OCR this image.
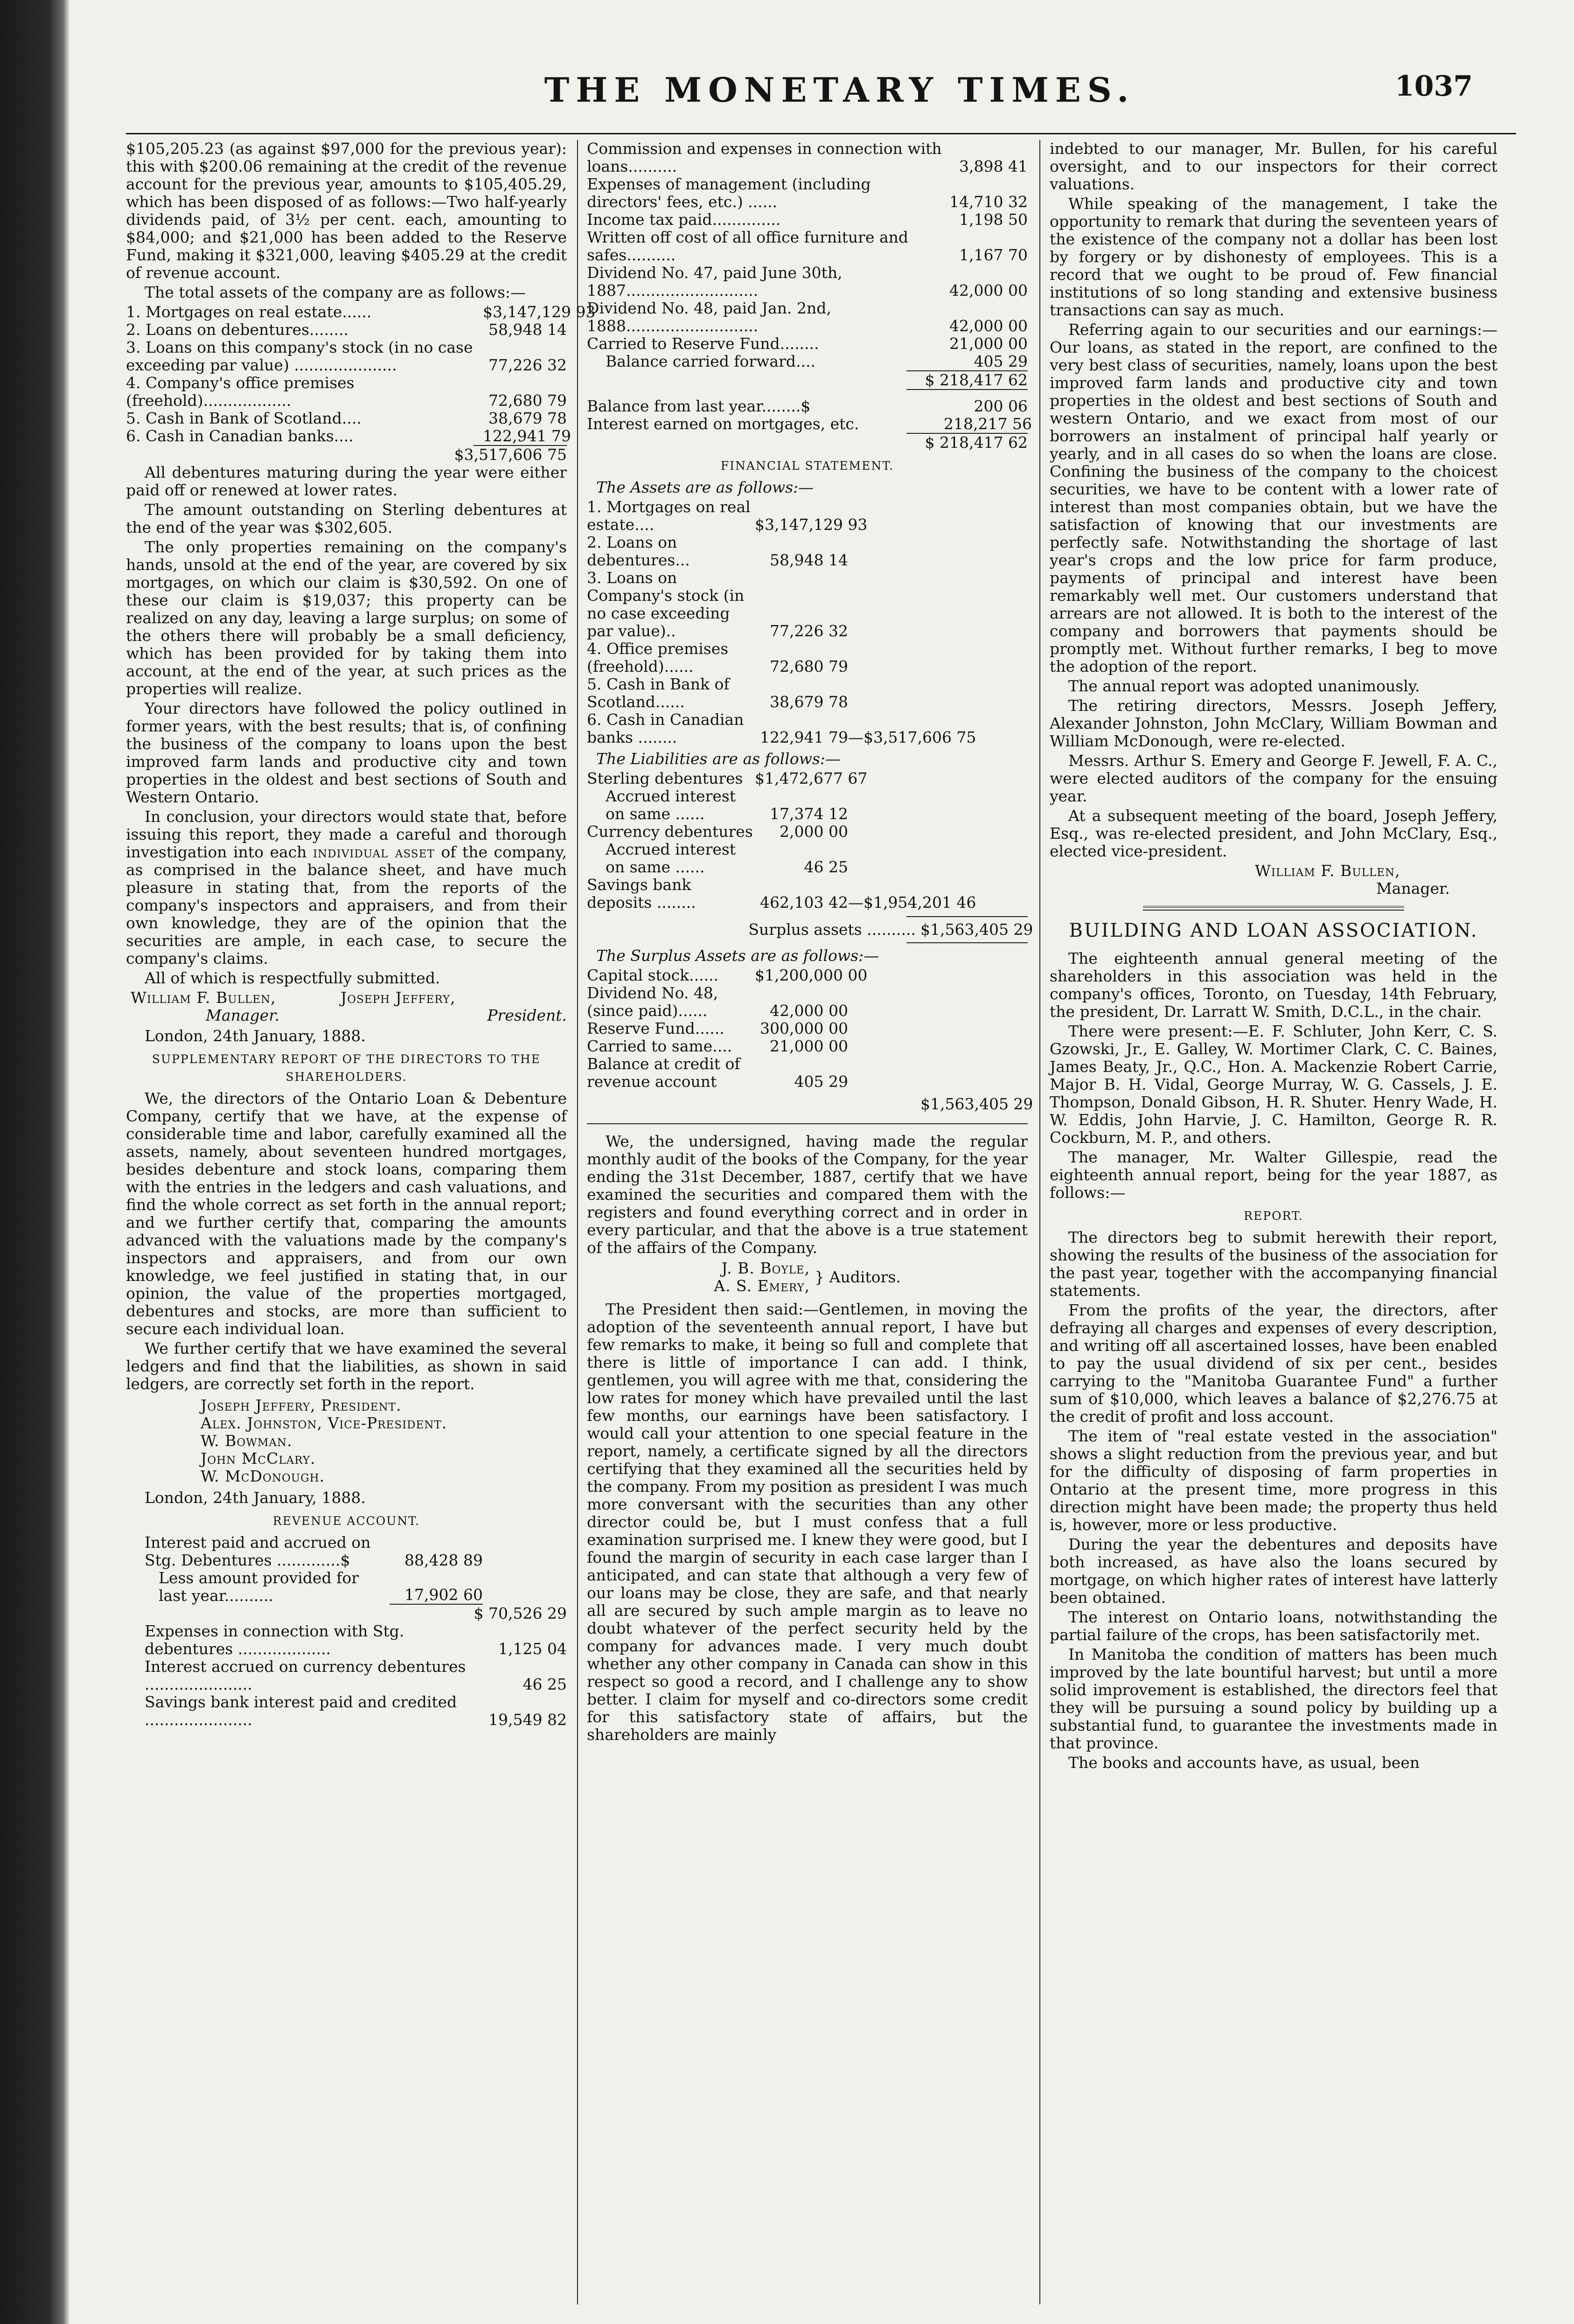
THE MONETARY TIMES.	1037

$105,205.23 (as against $97,000 for the previous year): this with $200.06 remaining at the credit of the revenue account for the previous year, amounts to $105,405.29, which has been disposed of as follows:—Two half-yearly dividends paid, of 3½ per cent. each, amounting to $84,000; and $21,000 has been added to the Reserve Fund, making it $321,000, leaving $405.29 at the credit of revenue account.

The total assets of the company are as follows:—

1. Mortgages on real estate......	$3,147,129 93
2. Loans on debentures........	58,948 14
3. Loans on this company's stock (in no case exceeding par value) .....................	77,226 32
4. Company's office premises (freehold)..................	72,680 79
5. Cash in Bank of Scotland....	38,679 78
6. Cash in Canadian banks....	122,941 79
$3,517,606 75

All debentures maturing during the year were either paid off or renewed at lower rates.

The amount outstanding on Sterling debentures at the end of the year was $302,605.

The only properties remaining on the company's hands, unsold at the end of the year, are covered by six mortgages, on which our claim is $30,592. On one of these our claim is $19,037; this property can be realized on any day, leaving a large surplus; on some of the others there will probably be a small deficiency, which has been provided for by taking them into account, at the end of the year, at such prices as the properties will realize.

Your directors have followed the policy outlined in former years, with the best results; that is, of confining the business of the company to loans upon the best improved farm lands and productive city and town properties in the oldest and best sections of South and Western Ontario.

In conclusion, your directors would state that, before issuing this report, they made a careful and thorough investigation into each individual asset of the company, as comprised in the balance sheet, and have much pleasure in stating that, from the reports of the company's inspectors and appraisers, and from their own knowledge, they are of the opinion that the securities are ample, in each case, to secure the company's claims.

All of which is respectfully submitted.

William F. Bullen,	Joseph Jeffery,
Manager.	President.

London, 24th January, 1888.

SUPPLEMENTARY REPORT OF THE DIRECTORS TO THE SHAREHOLDERS.

We, the directors of the Ontario Loan & Debenture Company, certify that we have, at the expense of considerable time and labor, carefully examined all the assets, namely, about seventeen hundred mortgages, besides debenture and stock loans, comparing them with the entries in the ledgers and cash valuations, and find the whole correct as set forth in the annual report; and we further certify that, comparing the amounts advanced with the valuations made by the company's inspectors and appraisers, and from our own knowledge, we feel justified in stating that, in our opinion, the value of the properties mortgaged, debentures and stocks, are more than sufficient to secure each individual loan.

We further certify that we have examined the several ledgers and find that the liabilities, as shown in said ledgers, are correctly set forth in the report.

Joseph Jeffery, President.
Alex. Johnston, Vice-President.
W. Bowman.
John McClary.
W. McDonough.

London, 24th January, 1888.

REVENUE ACCOUNT.
Interest paid and accrued on Stg. Debentures .............$	88,428 89
Less amount provided for last year..........	17,902 60
$ 70,526 29
Expenses in connection with Stg. debentures ...................	1,125 04
Interest accrued on currency debentures ......................	46 25
Savings bank interest paid and credited ......................	19,549 82
Commission and expenses in connection with loans..........	3,898 41
Expenses of management (including directors' fees, etc.) ......	14,710 32
Income tax paid..............	1,198 50
Written off cost of all office furniture and safes..........	1,167 70
Dividend No. 47, paid June 30th, 1887...........................	42,000 00
Dividend No. 48, paid Jan. 2nd, 1888...........................	42,000 00
Carried to Reserve Fund........	21,000 00
Balance carried forward....	405 29
$ 218,417 62
Balance from last year........$	200 06
Interest earned on mortgages, etc.	218,217 56
$ 218,417 62
FINANCIAL STATEMENT.
The Assets are as follows:—
1. Mortgages on real estate....	$3,147,129 93
2. Loans on debentures...	58,948 14
3. Loans on Company's stock (in no case exceeding par value)..	77,226 32
4. Office premises (freehold)......	72,680 79
5. Cash in Bank of Scotland......	38,679 78
6. Cash in Canadian banks ........	122,941 79 —$3,517,606 75
The Liabilities are as follows:—
Sterling debentures $1,472,677 67
Accrued interest on same ......	17,374 12
Currency debentures	2,000 00
Accrued interest on same ......	46 25
Savings bank deposits ........	462,103 42 —$1,954,201 46
Surplus assets .......... $1,563,405 29
The Surplus Assets are as follows:—
Capital stock......	$1,200,000 00
Dividend No. 48, (since paid)......	42,000 00
Reserve Fund......	300,000 00
Carried to same....	21,000 00
Balance at credit of revenue account	405 29
$1,563,405 29

We, the undersigned, having made the regular monthly audit of the books of the Company, for the year ending the 31st December, 1887, certify that we have examined the securities and compared them with the registers and found everything correct and in order in every particular, and that the above is a true statement of the affairs of the Company.

J. B. Boyle,
A. S. Emery, } Auditors.

The President then said:—Gentlemen, in moving the adoption of the seventeenth annual report, I have but few remarks to make, it being so full and complete that there is little of importance I can add. I think, gentlemen, you will agree with me that, considering the low rates for money which have prevailed until the last few months, our earnings have been satisfactory. I would call your attention to one special feature in the report, namely, a certificate signed by all the directors certifying that they examined all the securities held by the company. From my position as president I was much more conversant with the securities than any other director could be, but I must confess that a full examination surprised me. I knew they were good, but I found the margin of security in each case larger than I anticipated, and can state that although a very few of our loans may be close, they are safe, and that nearly all are secured by such ample margin as to leave no doubt whatever of the perfect security held by the company for advances made. I very much doubt whether any other company in Canada can show in this respect so good a record, and I challenge any to show better. I claim for myself and co-directors some credit for this satisfactory state of affairs, but the shareholders are mainly

indebted to our manager, Mr. Bullen, for his careful oversight, and to our inspectors for their correct valuations.

While speaking of the management, I take the opportunity to remark that during the seventeen years of the existence of the company not a dollar has been lost by forgery or by dishonesty of employees. This is a record that we ought to be proud of. Few financial institutions of so long standing and extensive business transactions can say as much.

Referring again to our securities and our earnings:—Our loans, as stated in the report, are confined to the very best class of securities, namely, loans upon the best improved farm lands and productive city and town properties in the oldest and best sections of South and western Ontario, and we exact from most of our borrowers an instalment of principal half yearly or yearly, and in all cases do so when the loans are close. Confining the business of the company to the choicest securities, we have to be content with a lower rate of interest than most companies obtain, but we have the satisfaction of knowing that our investments are perfectly safe. Notwithstanding the shortage of last year's crops and the low price for farm produce, payments of principal and interest have been remarkably well met. Our customers understand that arrears are not allowed. It is both to the interest of the company and borrowers that payments should be promptly met. Without further remarks, I beg to move the adoption of the report.

The annual report was adopted unanimously.

The retiring directors, Messrs. Joseph Jeffery, Alexander Johnston, John McClary, William Bowman and William McDonough, were re-elected.

Messrs. Arthur S. Emery and George F. Jewell, F. A. C., were elected auditors of the company for the ensuing year.

At a subsequent meeting of the board, Joseph Jeffery, Esq., was re-elected president, and John McClary, Esq., elected vice-president.

William F. Bullen,
Manager.
BUILDING AND LOAN ASSOCIATION.

The eighteenth annual general meeting of the shareholders in this association was held in the company's offices, Toronto, on Tuesday, 14th February, the president, Dr. Larratt W. Smith, D.C.L., in the chair.

There were present:—E. F. Schluter, John Kerr, C. S. Gzowski, Jr., E. Galley, W. Mortimer Clark, C. C. Baines, James Beaty, Jr., Q.C., Hon. A. Mackenzie Robert Carrie, Major B. H. Vidal, George Murray, W. G. Cassels, J. E. Thompson, Donald Gibson, H. R. Shuter. Henry Wade, H. W. Eddis, John Harvie, J. C. Hamilton, George R. R. Cockburn, M. P., and others.

The manager, Mr. Walter Gillespie, read the eighteenth annual report, being for the year 1887, as follows:—

REPORT.

The directors beg to submit herewith their report, showing the results of the business of the association for the past year, together with the accompanying financial statements.

From the profits of the year, the directors, after defraying all charges and expenses of every description, and writing off all ascertained losses, have been enabled to pay the usual dividend of six per cent., besides carrying to the "Manitoba Guarantee Fund" a further sum of $10,000, which leaves a balance of $2,276.75 at the credit of profit and loss account.

The item of "real estate vested in the association" shows a slight reduction from the previous year, and but for the difficulty of disposing of farm properties in Ontario at the present time, more progress in this direction might have been made; the property thus held is, however, more or less productive.

During the year the debentures and deposits have both increased, as have also the loans secured by mortgage, on which higher rates of interest have latterly been obtained.

The interest on Ontario loans, notwithstanding the partial failure of the crops, has been satisfactorily met.

In Manitoba the condition of matters has been much improved by the late bountiful harvest; but until a more solid improvement is established, the directors feel that they will be pursuing a sound policy by building up a substantial fund, to guarantee the investments made in that province.

The books and accounts have, as usual, been
